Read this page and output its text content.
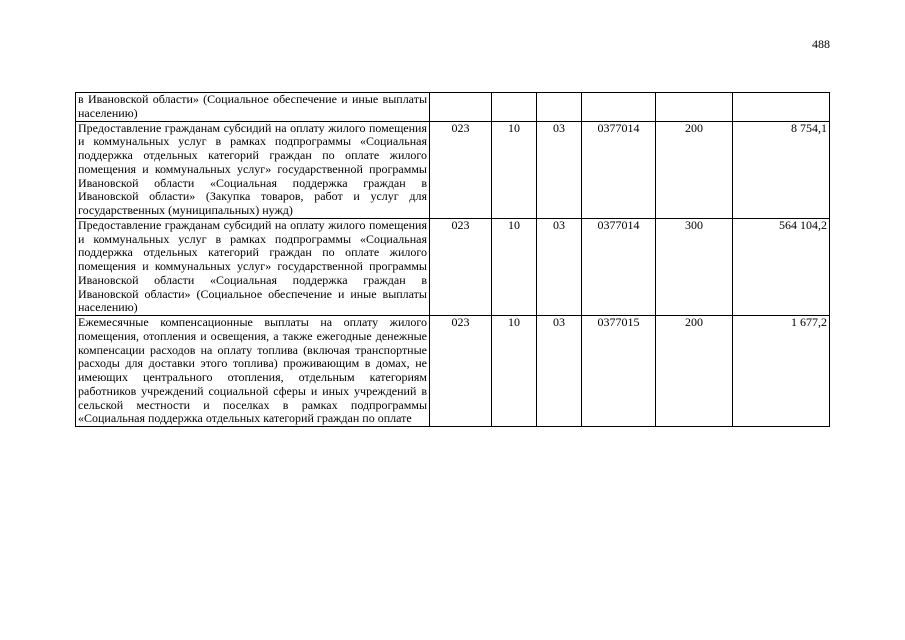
488
в Ивановской области» (Социальное обеспечение и иные выплаты населению)						
Предоставление гражданам субсидий на оплату жилого помещения и коммунальных услуг в рамках подпрограммы «Социальная поддержка отдельных категорий граждан по оплате жилого помещения и коммунальных услуг» государственной программы Ивановской области «Социальная поддержка граждан в Ивановской области» (Закупка товаров, работ и услуг для государственных (муниципальных) нужд)	023	10	03	0377014	200	8 754,1
Предоставление гражданам субсидий на оплату жилого помещения и коммунальных услуг в рамках подпрограммы «Социальная поддержка отдельных категорий граждан по оплате жилого помещения и коммунальных услуг» государственной программы Ивановской области «Социальная поддержка граждан в Ивановской области» (Социальное обеспечение и иные выплаты населению)	023	10	03	0377014	300	564 104,2
Ежемесячные компенсационные выплаты на оплату жилого помещения, отопления и освещения, а также ежегодные денежные компенсации расходов на оплату топлива (включая транспортные расходы для доставки этого топлива) проживающим в домах, не имеющих центрального отопления, отдельным категориям работников учреждений социальной сферы и иных учреждений в сельской местности и поселках в рамках подпрограммы «Социальная поддержка отдельных категорий граждан по оплате	023	10	03	0377015	200	1 677,2
